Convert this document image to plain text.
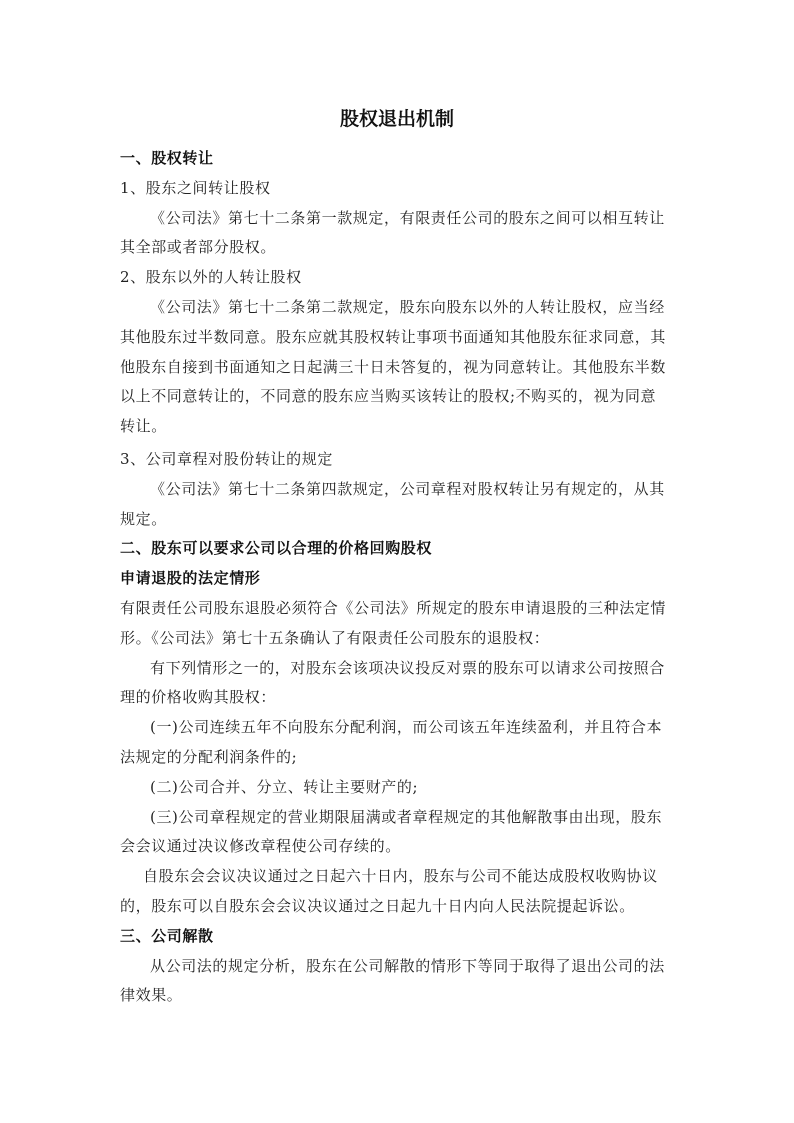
股权退出机制
一、股权转让
1、股东之间转让股权
《公司法》第七十二条第一款规定，有限责任公司的股东之间可以相互转让
其全部或者部分股权。
2、股东以外的人转让股权
《公司法》第七十二条第二款规定，股东向股东以外的人转让股权，应当经
其他股东过半数同意。股东应就其股权转让事项书面通知其他股东征求同意，其
他股东自接到书面通知之日起满三十日未答复的，视为同意转让。其他股东半数
以上不同意转让的，不同意的股东应当购买该转让的股权;不购买的，视为同意
转让。
3、公司章程对股份转让的规定
《公司法》第七十二条第四款规定，公司章程对股权转让另有规定的，从其
规定。
二、股东可以要求公司以合理的价格回购股权
申请退股的法定情形
有限责任公司股东退股必须符合《公司法》所规定的股东申请退股的三种法定情
形。《公司法》第七十五条确认了有限责任公司股东的退股权：
有下列情形之一的，对股东会该项决议投反对票的股东可以请求公司按照合
理的价格收购其股权：
(一)公司连续五年不向股东分配利润，而公司该五年连续盈利，并且符合本
法规定的分配利润条件的;
(二)公司合并、分立、转让主要财产的;
(三)公司章程规定的营业期限届满或者章程规定的其他解散事由出现，股东
会会议通过决议修改章程使公司存续的。
自股东会会议决议通过之日起六十日内，股东与公司不能达成股权收购协议
的，股东可以自股东会会议决议通过之日起九十日内向人民法院提起诉讼。
三、公司解散
从公司法的规定分析，股东在公司解散的情形下等同于取得了退出公司的法
律效果。
